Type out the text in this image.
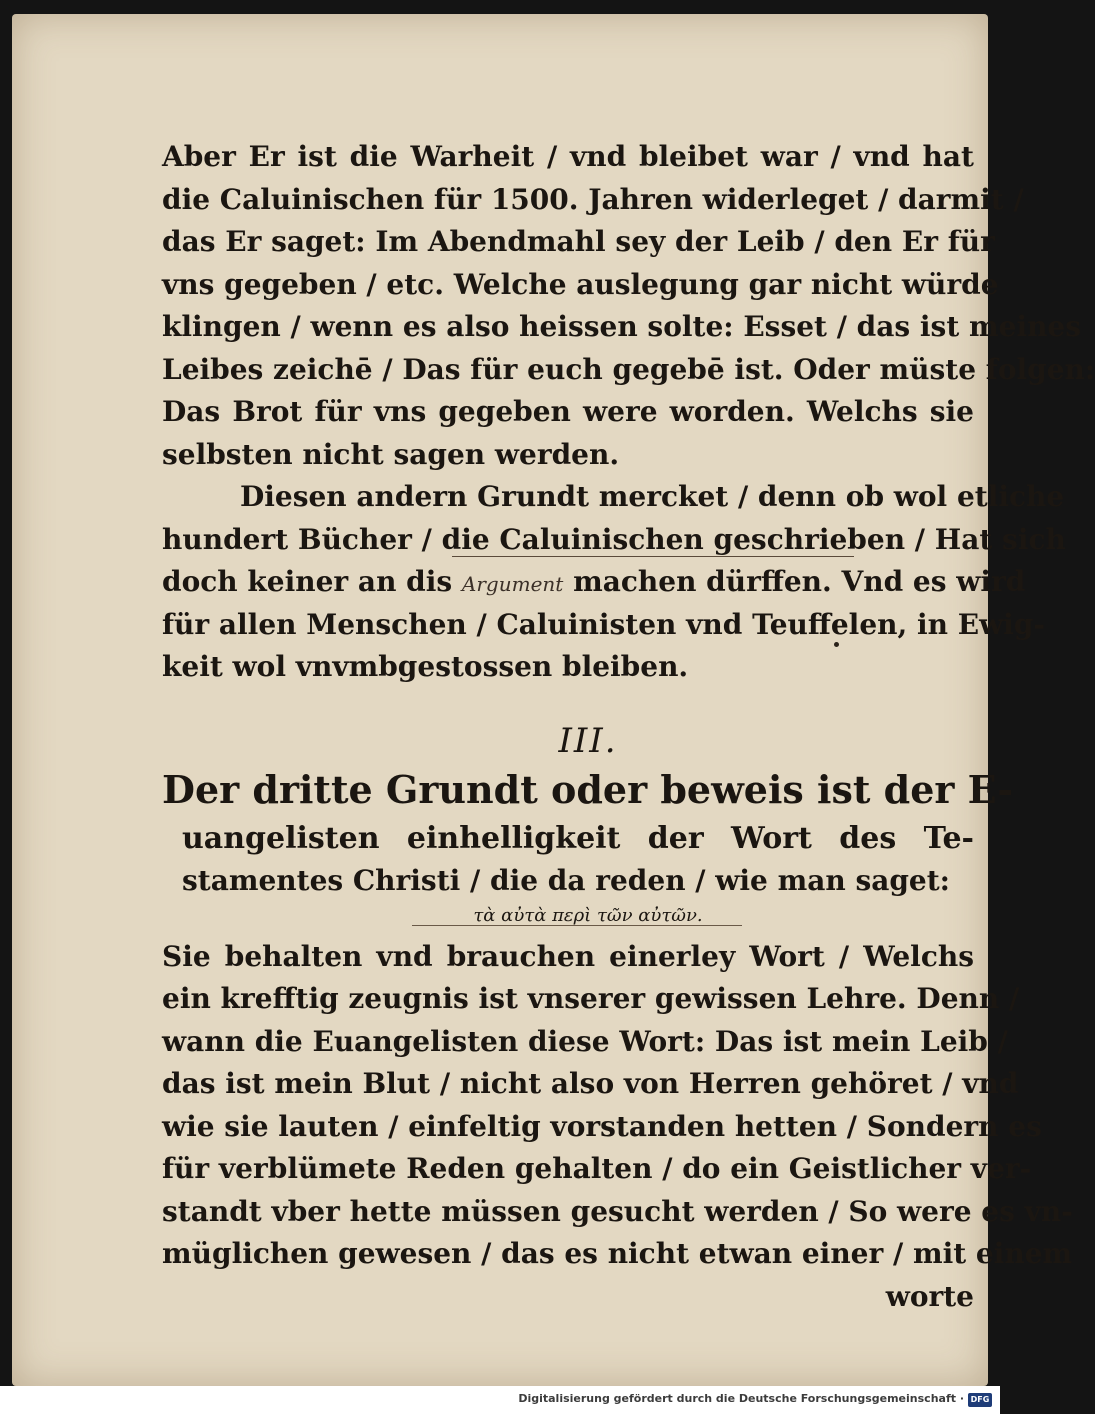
Aber Er ist die Warheit / vnd bleibet war / vnd hat
die Caluinischen für 1500. Jahren widerleget / darmit /
das Er saget: Im Abendmahl sey der Leib / den Er für
vns gegeben / etc. Welche auslegung gar nicht würde
klingen / wenn es also heissen solte: Esset / das ist meines
Leibes zeichē / Das für euch gegebē ist. Oder müste folgen:
Das Brot für vns gegeben were worden. Welchs sie
selbsten nicht sagen werden.
Diesen andern Grundt mercket / denn ob wol etliche
hundert Bücher / die Caluinischen geschrieben / Hat sich
doch keiner an dis Argument machen dürffen. Vnd es wird
für allen Menschen / Caluinisten vnd Teuffelen, in Ewig-
keit wol vnvmbgestossen bleiben.
III.
Der dritte Grundt oder beweis ist der E-
uangelisten einhelligkeit der Wort des Te-
stamentes Christi / die da reden / wie man saget:
τὰ αὐτὰ περὶ τῶν αὐτῶν.
Sie behalten vnd brauchen einerley Wort / Welchs
ein krefftig zeugnis ist vnserer gewissen Lehre. Denn /
wann die Euangelisten diese Wort: Das ist mein Leib /
das ist mein Blut / nicht also von Herren gehöret / vnd
wie sie lauten / einfeltig vorstanden hetten / Sondern es
für verblümete Reden gehalten / do ein Geistlicher ver-
standt vber hette müssen gesucht werden / So were es vn-
müglichen gewesen / das es nicht etwan einer / mit einem
worte
Digitalisierung gefördert durch die Deutsche Forschungsgemeinschaft · DFG
